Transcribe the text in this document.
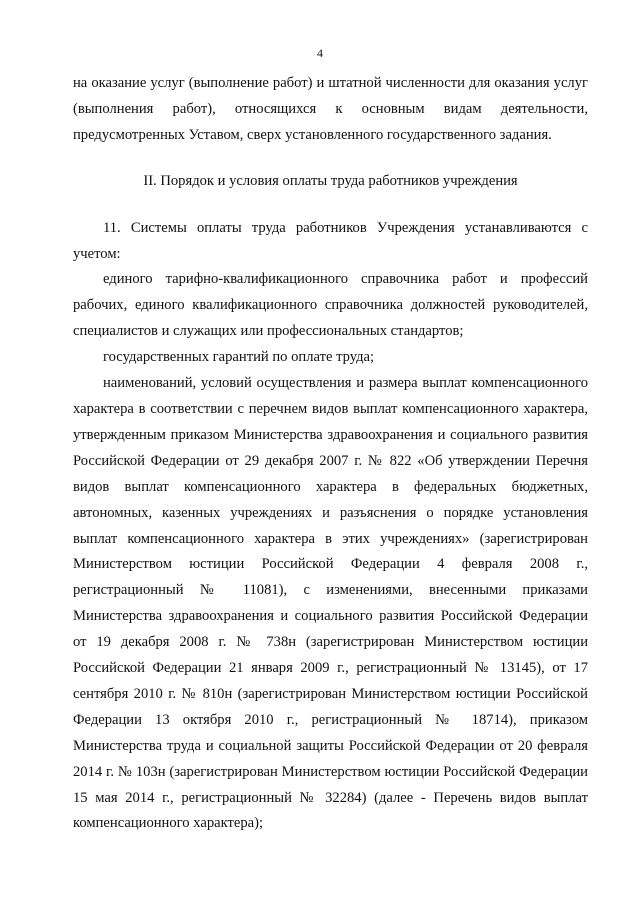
4

на оказание услуг (выполнение работ) и штатной численности для оказания услуг (выполнения работ), относящихся к основным видам деятельности, предусмотренных Уставом, сверх установленного государственного задания.

II. Порядок и условия оплаты труда работников учреждения

11. Системы оплаты труда работников Учреждения устанавливаются с учетом:

единого тарифно-квалификационного справочника работ и профессий рабочих, единого квалификационного справочника должностей руководителей, специалистов и служащих или профессиональных стандартов;

государственных гарантий по оплате труда;

наименований, условий осуществления и размера выплат компенсационного характера в соответствии с перечнем видов выплат компенсационного характера, утвержденным приказом Министерства здравоохранения и социального развития Российской Федерации от 29 декабря 2007 г. № 822 «Об утверждении Перечня видов выплат компенсационного характера в федеральных бюджетных, автономных, казенных учреждениях и разъяснения о порядке установления выплат компенсационного характера в этих учреждениях» (зарегистрирован Министерством юстиции Российской Федерации 4 февраля 2008 г., регистрационный № 11081), с изменениями, внесенными приказами Министерства здравоохранения и социального развития Российской Федерации от 19 декабря 2008 г. № 738н (зарегистрирован Министерством юстиции Российской Федерации 21 января 2009 г., регистрационный № 13145), от 17 сентября 2010 г. № 810н (зарегистрирован Министерством юстиции Российской Федерации 13 октября 2010 г., регистрационный № 18714), приказом Министерства труда и социальной защиты Российской Федерации от 20 февраля 2014 г. № 103н (зарегистрирован Министерством юстиции Российской Федерации 15 мая 2014 г., регистрационный № 32284) (далее - Перечень видов выплат компенсационного характера);
